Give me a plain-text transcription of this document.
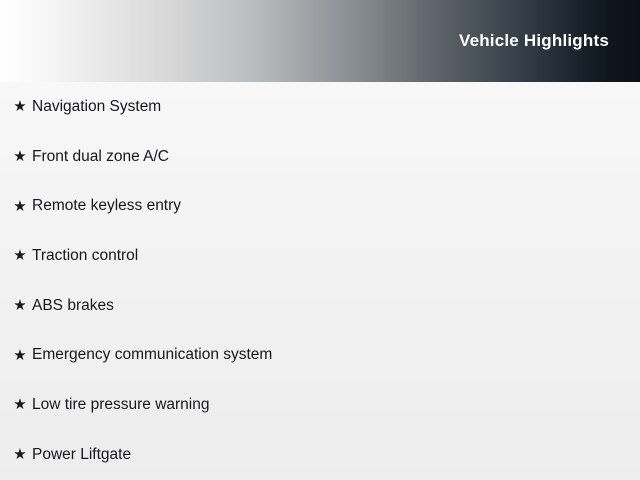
Vehicle Highlights
★ Navigation System
★ Front dual zone A/C
★ Remote keyless entry
★ Traction control
★ ABS brakes
★ Emergency communication system
★ Low tire pressure warning
★ Power Liftgate
